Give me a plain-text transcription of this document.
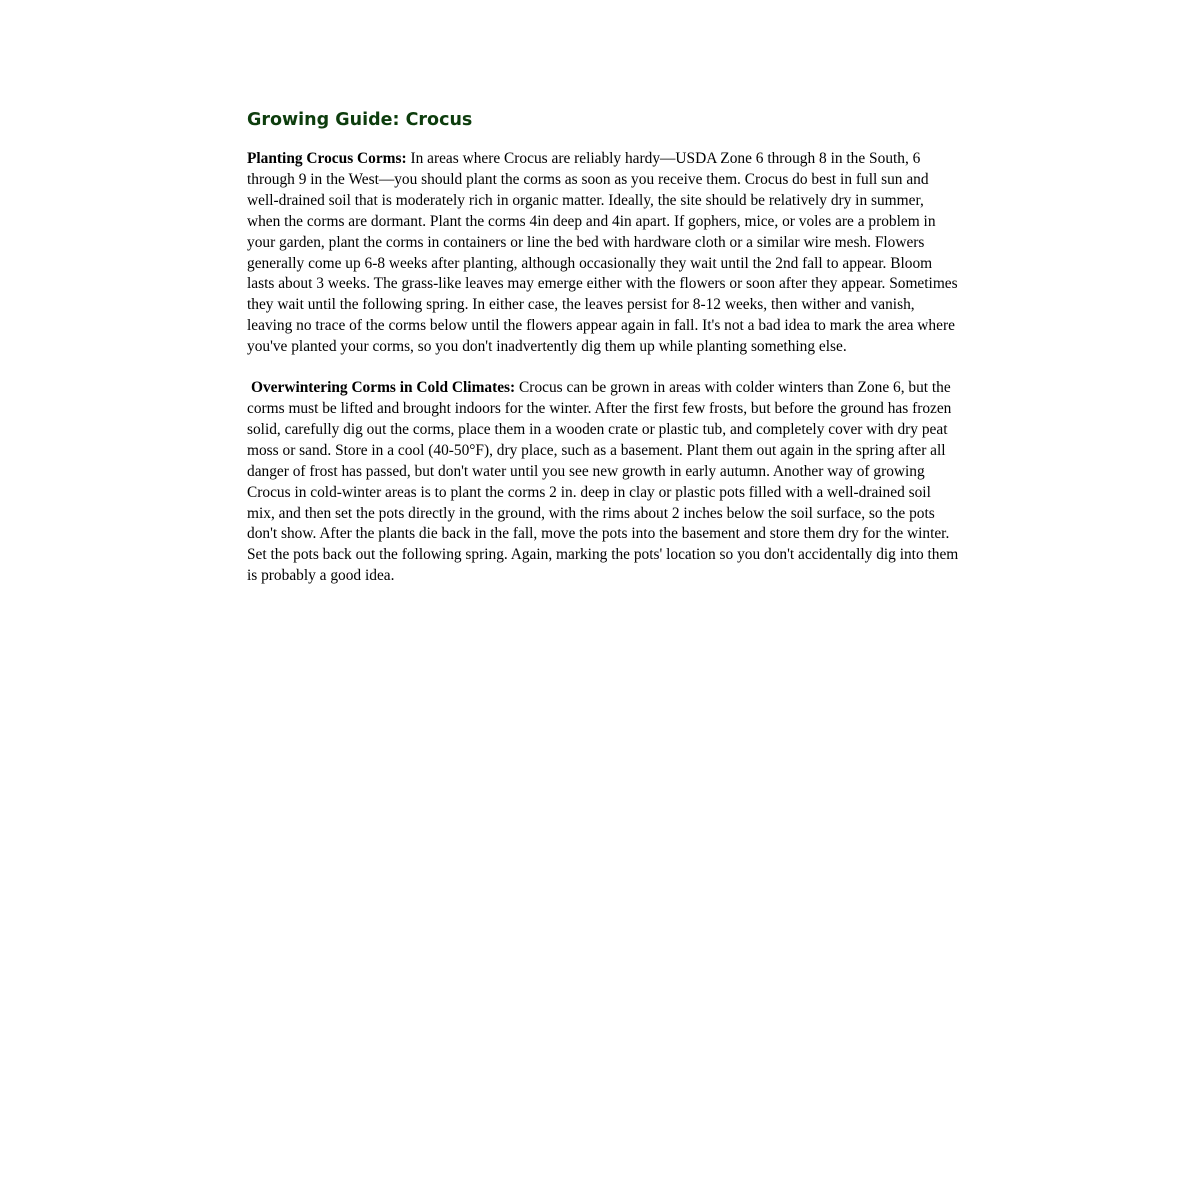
Growing Guide: Crocus

Planting Crocus Corms: In areas where Crocus are reliably hardy—USDA Zone 6 through 8 in the South, 6 through 9 in the West—you should plant the corms as soon as you receive them. Crocus do best in full sun and well-drained soil that is moderately rich in organic matter. Ideally, the site should be relatively dry in summer, when the corms are dormant. Plant the corms 4in deep and 4in apart. If gophers, mice, or voles are a problem in your garden, plant the corms in containers or line the bed with hardware cloth or a similar wire mesh. Flowers generally come up 6-8 weeks after planting, although occasionally they wait until the 2nd fall to appear. Bloom lasts about 3 weeks. The grass-like leaves may emerge either with the flowers or soon after they appear. Sometimes they wait until the following spring. In either case, the leaves persist for 8-12 weeks, then wither and vanish, leaving no trace of the corms below until the flowers appear again in fall. It's not a bad idea to mark the area where you've planted your corms, so you don't inadvertently dig them up while planting something else.

Overwintering Corms in Cold Climates: Crocus can be grown in areas with colder winters than Zone 6, but the corms must be lifted and brought indoors for the winter. After the first few frosts, but before the ground has frozen solid, carefully dig out the corms, place them in a wooden crate or plastic tub, and completely cover with dry peat moss or sand. Store in a cool (40-50°F), dry place, such as a basement. Plant them out again in the spring after all danger of frost has passed, but don't water until you see new growth in early autumn. Another way of growing Crocus in cold-winter areas is to plant the corms 2 in. deep in clay or plastic pots filled with a well-drained soil mix, and then set the pots directly in the ground, with the rims about 2 inches below the soil surface, so the pots don't show. After the plants die back in the fall, move the pots into the basement and store them dry for the winter. Set the pots back out the following spring. Again, marking the pots' location so you don't accidentally dig into them is probably a good idea.
